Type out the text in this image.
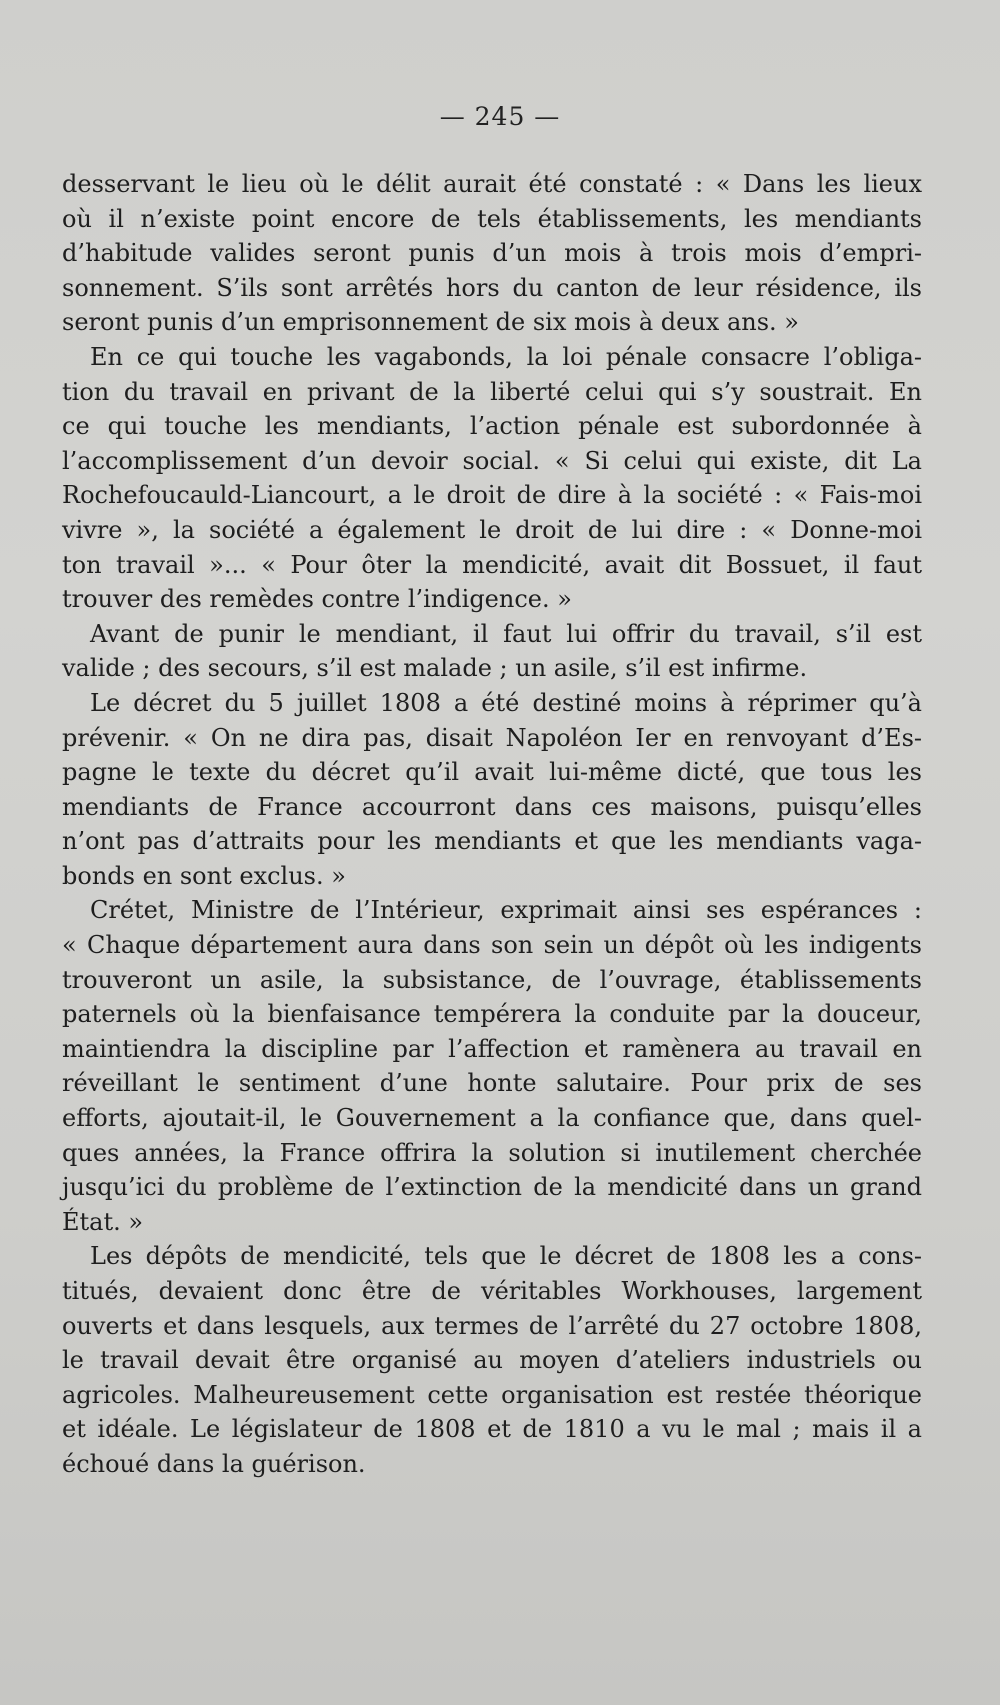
— 245 —
desservant le lieu où le délit aurait été constaté : « Dans les lieux
où il n’existe point encore de tels établissements, les mendiants
d’habitude valides seront punis d’un mois à trois mois d’empri-
sonnement. S’ils sont arrêtés hors du canton de leur résidence, ils
seront punis d’un emprisonnement de six mois à deux ans. »
En ce qui touche les vagabonds, la loi pénale consacre l’obliga-
tion du travail en privant de la liberté celui qui s’y soustrait. En
ce qui touche les mendiants, l’action pénale est subordonnée à
l’accomplissement d’un devoir social. « Si celui qui existe, dit La
Rochefoucauld-Liancourt, a le droit de dire à la société : « Fais-moi
vivre », la société a également le droit de lui dire : « Donne-moi
ton travail »... « Pour ôter la mendicité, avait dit Bossuet, il faut
trouver des remèdes contre l’indigence. »
Avant de punir le mendiant, il faut lui offrir du travail, s’il est
valide ; des secours, s’il est malade ; un asile, s’il est infirme.
Le décret du 5 juillet 1808 a été destiné moins à réprimer qu’à
prévenir. « On ne dira pas, disait Napoléon Ier en renvoyant d’Es-
pagne le texte du décret qu’il avait lui-même dicté, que tous les
mendiants de France accourront dans ces maisons, puisqu’elles
n’ont pas d’attraits pour les mendiants et que les mendiants vaga-
bonds en sont exclus. »
Crétet, Ministre de l’Intérieur, exprimait ainsi ses espérances :
« Chaque département aura dans son sein un dépôt où les indigents
trouveront un asile, la subsistance, de l’ouvrage, établissements
paternels où la bienfaisance tempérera la conduite par la douceur,
maintiendra la discipline par l’affection et ramènera au travail en
réveillant le sentiment d’une honte salutaire. Pour prix de ses
efforts, ajoutait-il, le Gouvernement a la confiance que, dans quel-
ques années, la France offrira la solution si inutilement cherchée
jusqu’ici du problème de l’extinction de la mendicité dans un grand
État. »
Les dépôts de mendicité, tels que le décret de 1808 les a cons-
titués, devaient donc être de véritables Workhouses, largement
ouverts et dans lesquels, aux termes de l’arrêté du 27 octobre 1808,
le travail devait être organisé au moyen d’ateliers industriels ou
agricoles. Malheureusement cette organisation est restée théorique
et idéale. Le législateur de 1808 et de 1810 a vu le mal ; mais il a
échoué dans la guérison.
